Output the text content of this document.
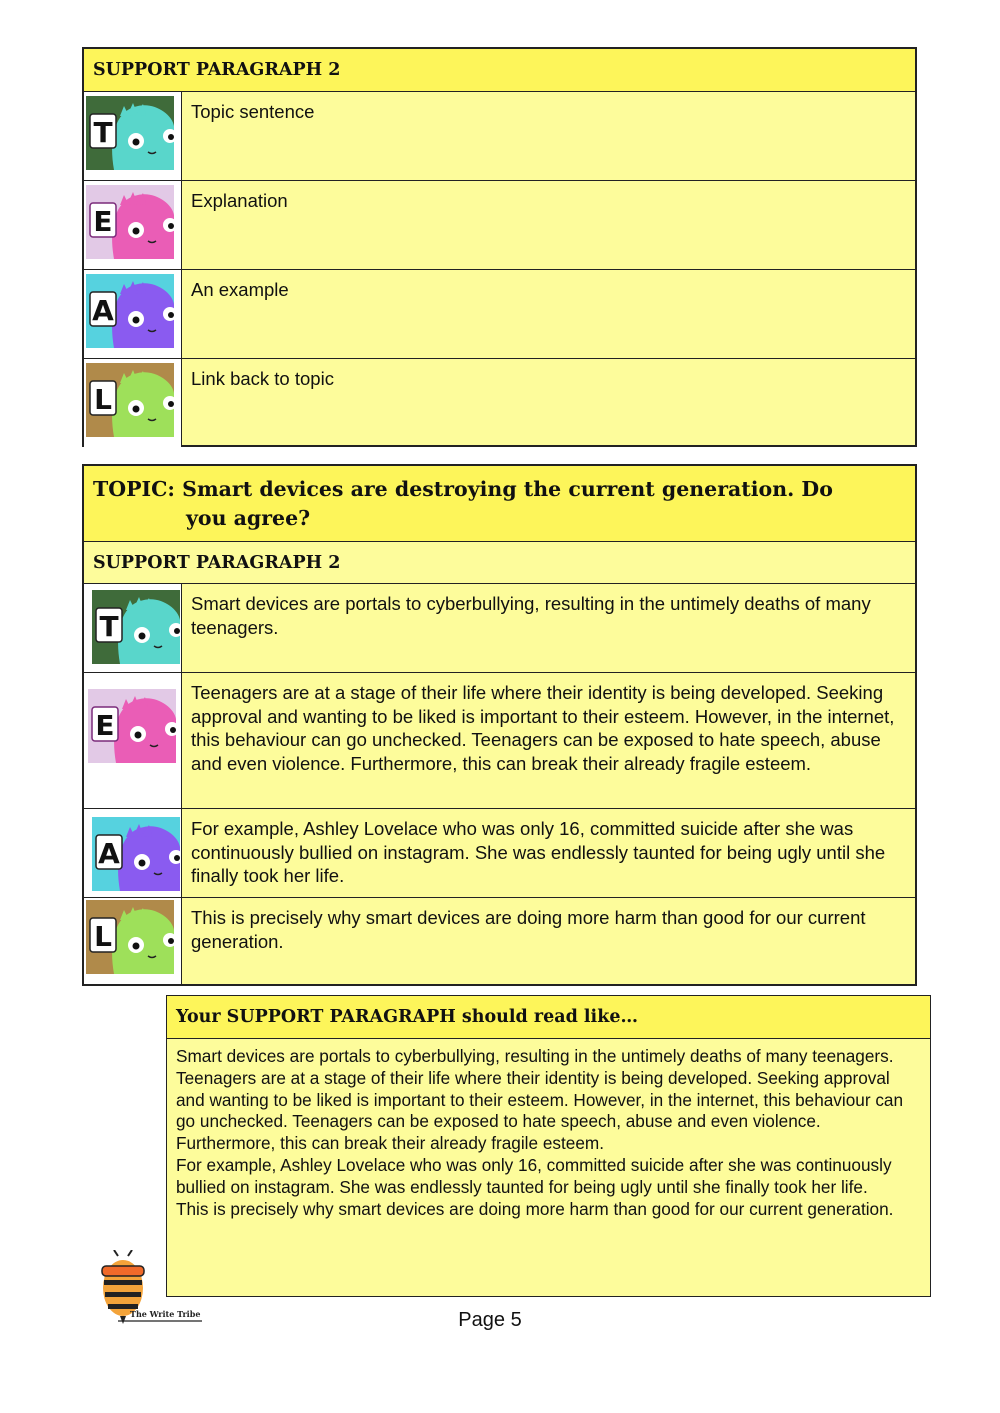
SUPPORT PARAGRAPH 2
T
Topic sentence
E
Explanation
A
An example
L
Link back to topic
TOPIC: Smart devices are destroying the current generation. Do
you agree?
SUPPORT PARAGRAPH 2
T
Smart devices are portals to cyberbullying, resulting in the untimely deaths of many teenagers.
E
Teenagers are at a stage of their life where their identity is being developed. Seeking approval and wanting to be liked is important to their esteem. However, in the internet, this behaviour can go unchecked. Teenagers can be exposed to hate speech, abuse and even violence. Furthermore, this can break their already fragile esteem.
A
For example, Ashley Lovelace who was only 16, committed suicide after she was continuously bullied on instagram. She was endlessly taunted for being ugly until she finally took her life.
L
This is precisely why smart devices are doing more harm than good for our current generation.
Your SUPPORT PARAGRAPH should read like…
Smart devices are portals to cyberbullying, resulting in the untimely deaths of many teenagers.
Teenagers are at a stage of their life where their identity is being developed. Seeking approval and wanting to be liked is important to their esteem. However, in the internet, this behaviour can go unchecked. Teenagers can be exposed to hate speech, abuse and even violence. Furthermore, this can break their already fragile esteem.
For example, Ashley Lovelace who was only 16, committed suicide after she was continuously bullied on instagram. She was endlessly taunted for being ugly until she finally took her life.
This is precisely why smart devices are doing more harm than good for our current generation.
The Write Tribe	Page 5
